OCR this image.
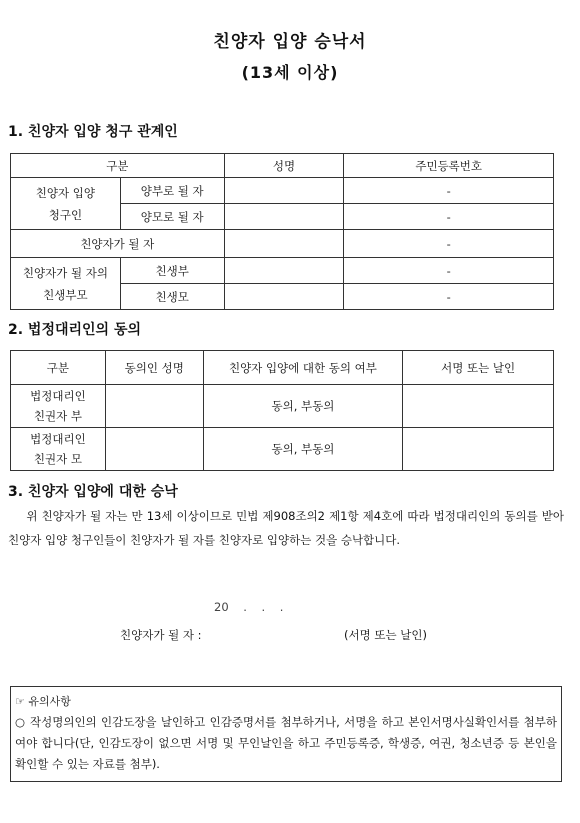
친양자 입양 승낙서
(13세 이상)
1. 친양자 입양 청구 관계인
구분		성명	주민등록번호
친양자 입양
청구인	양부로 될 자		-
	양모로 될 자		-
친양자가 될 자			-
친양자가 될 자의
친생부모	친생부		-
	친생모		-
2. 법정대리인의 동의
구분	동의인 성명	친양자 입양에 대한 동의 여부	서명 또는 날인
법정대리인
친권자 부		동의, 부동의	
법정대리인
친권자 모		동의, 부동의	
3. 친양자 입양에 대한 승낙
위 친양자가 될 자는 만 13세 이상이므로 민법 제908조의2 제1항 제4호에 따라 법정대리인의 동의를 받아 친양자 입양 청구인들이 친양자가 될 자를 친양자로 입양하는 것을 승낙합니다.
20    .    .    .
친양자가 될 자 :	(서명 또는 날인)
☞ 유의사항
○ 작성명의인의 인감도장을 날인하고 인감증명서를 첨부하거나, 서명을 하고 본인서명사실확인서를 첨부하여야 합니다(단, 인감도장이 없으면 서명 및 무인날인을 하고 주민등록증, 학생증, 여권, 청소년증 등 본인을 확인할 수 있는 자료를 첨부).
